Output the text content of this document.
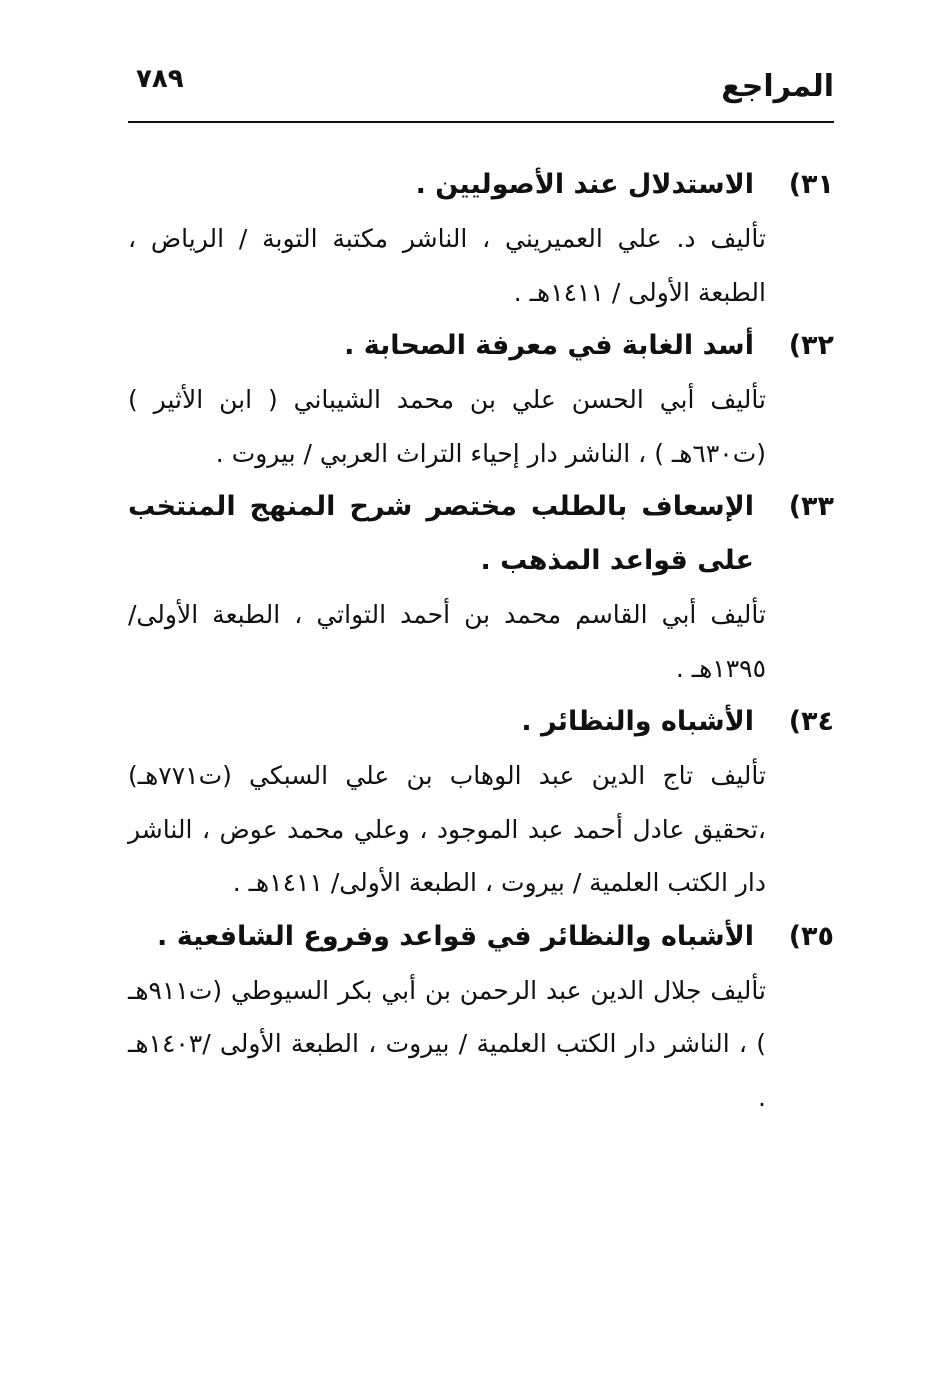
المراجع
٧٨٩
٣١)
الاستدلال عند الأصوليين .
تأليف د. علي العميريني ، الناشر مكتبة التوبة / الرياض ، الطبعة الأولى / ١٤١١هـ .
٣٢)
أسد الغابة في معرفة الصحابة .
تأليف أبي الحسن علي بن محمد الشيباني ( ابن الأثير ) (ت٦٣٠هـ ) ، الناشر دار إحياء التراث العربي / بيروت .
٣٣)
الإسعاف بالطلب مختصر شرح المنهج المنتخب على قواعد المذهب .
تأليف أبي القاسم محمد بن أحمد التواتي ، الطبعة الأولى/ ١٣٩٥هـ .
٣٤)
الأشباه والنظائر .
تأليف تاج الدين عبد الوهاب بن علي السبكي (ت٧٧١هـ) ،تحقيق عادل أحمد عبد الموجود ، وعلي محمد عوض ، الناشر دار الكتب العلمية / بيروت ، الطبعة الأولى/ ١٤١١هـ .
٣٥)
الأشباه والنظائر في قواعد وفروع الشافعية .
تأليف جلال الدين عبد الرحمن بن أبي بكر السيوطي (ت٩١١هـ ) ، الناشر دار الكتب العلمية / بيروت ، الطبعة الأولى /١٤٠٣هـ .
